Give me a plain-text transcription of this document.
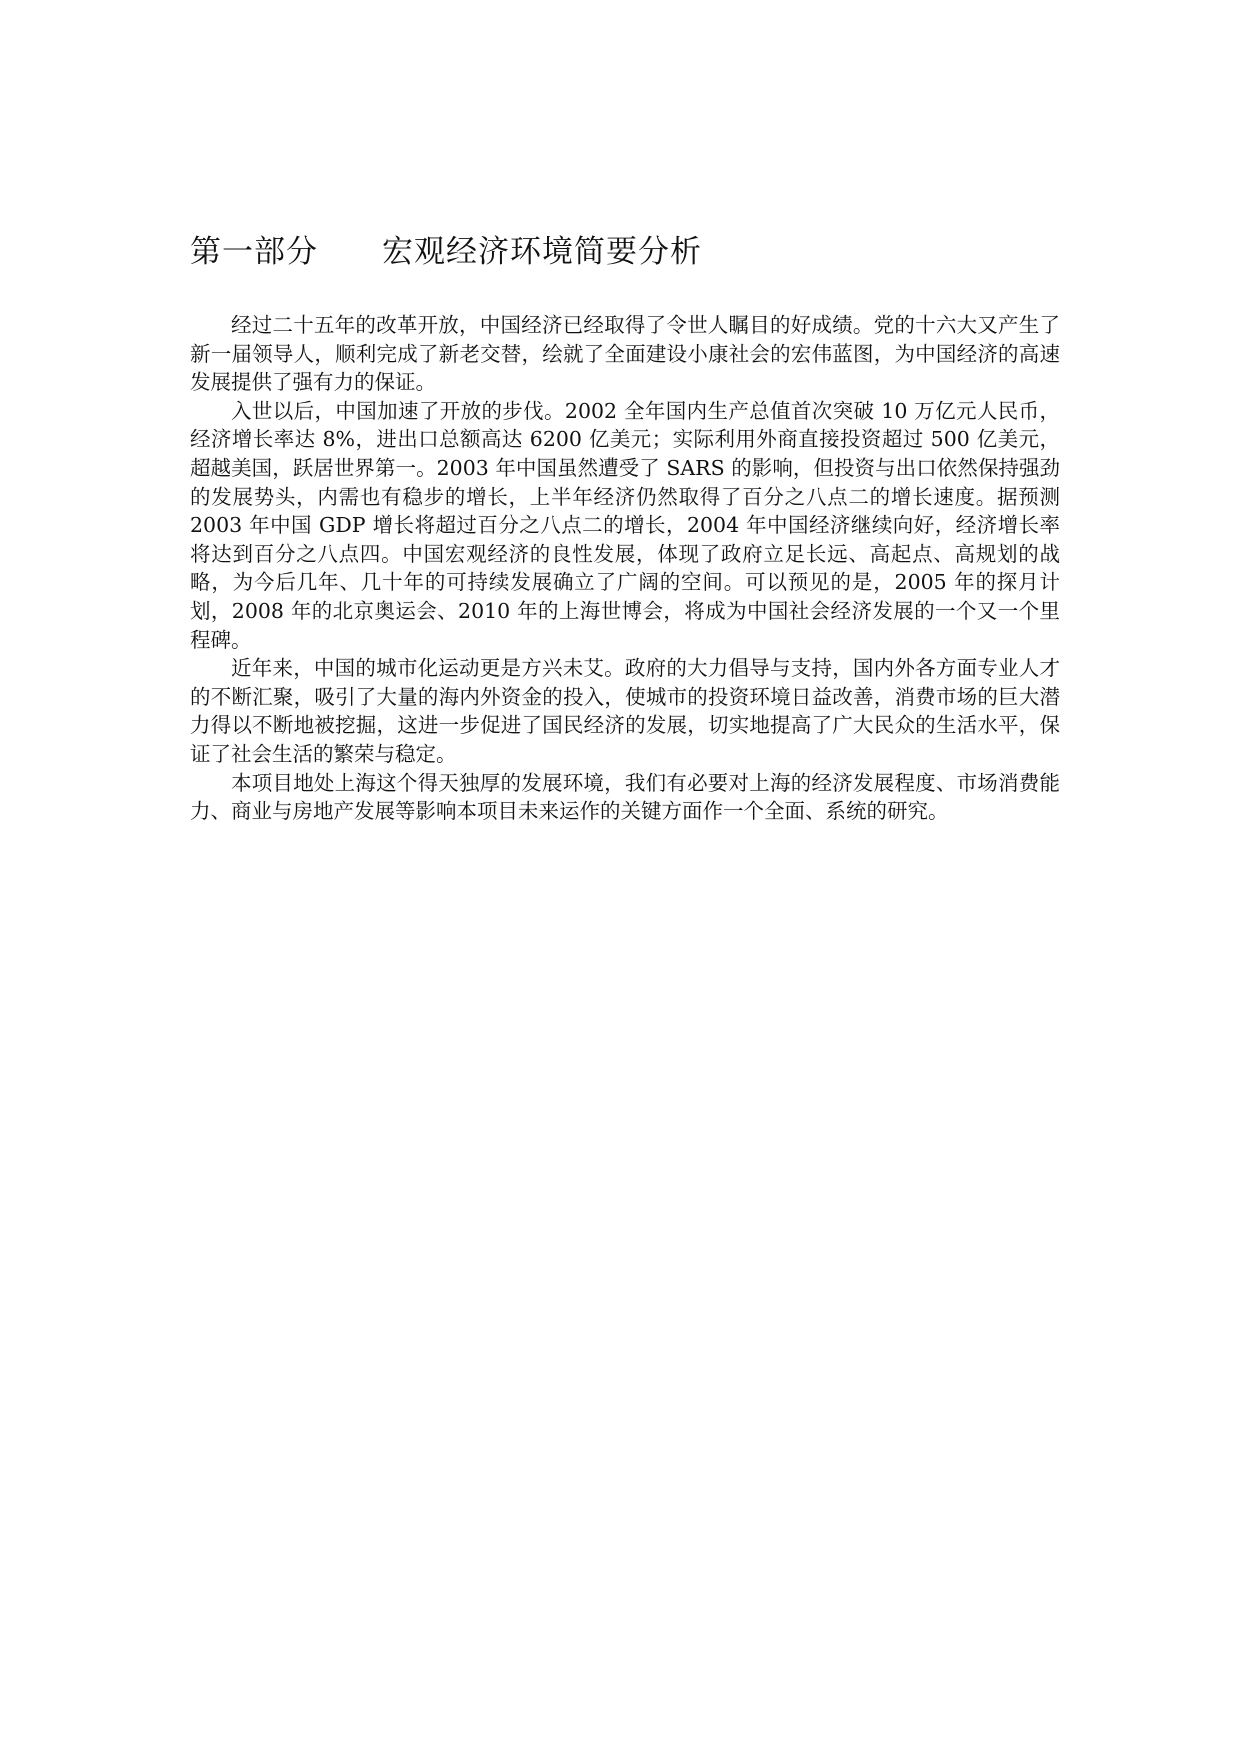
第一部分 宏观经济环境简要分析

经过二十五年的改革开放，中国经济已经取得了令世人瞩目的好成绩。党的十六大又产生了新一届领导人，顺利完成了新老交替，绘就了全面建设小康社会的宏伟蓝图，为中国经济的高速发展提供了强有力的保证。

入世以后，中国加速了开放的步伐。2002 全年国内生产总值首次突破 10 万亿元人民币，经济增长率达 8%，进出口总额高达 6200 亿美元；实际利用外商直接投资超过 500 亿美元，超越美国，跃居世界第一。2003 年中国虽然遭受了 SARS 的影响，但投资与出口依然保持强劲的发展势头，内需也有稳步的增长，上半年经济仍然取得了百分之八点二的增长速度。据预测 2003 年中国 GDP 增长将超过百分之八点二的增长，2004 年中国经济继续向好，经济增长率将达到百分之八点四。中国宏观经济的良性发展，体现了政府立足长远、高起点、高规划的战略，为今后几年、几十年的可持续发展确立了广阔的空间。可以预见的是，2005 年的探月计划，2008 年的北京奥运会、2010 年的上海世博会，将成为中国社会经济发展的一个又一个里程碑。

近年来，中国的城市化运动更是方兴未艾。政府的大力倡导与支持，国内外各方面专业人才的不断汇聚，吸引了大量的海内外资金的投入，使城市的投资环境日益改善，消费市场的巨大潜力得以不断地被挖掘，这进一步促进了国民经济的发展，切实地提高了广大民众的生活水平，保证了社会生活的繁荣与稳定。

本项目地处上海这个得天独厚的发展环境，我们有必要对上海的经济发展程度、市场消费能力、商业与房地产发展等影响本项目未来运作的关键方面作一个全面、系统的研究。
